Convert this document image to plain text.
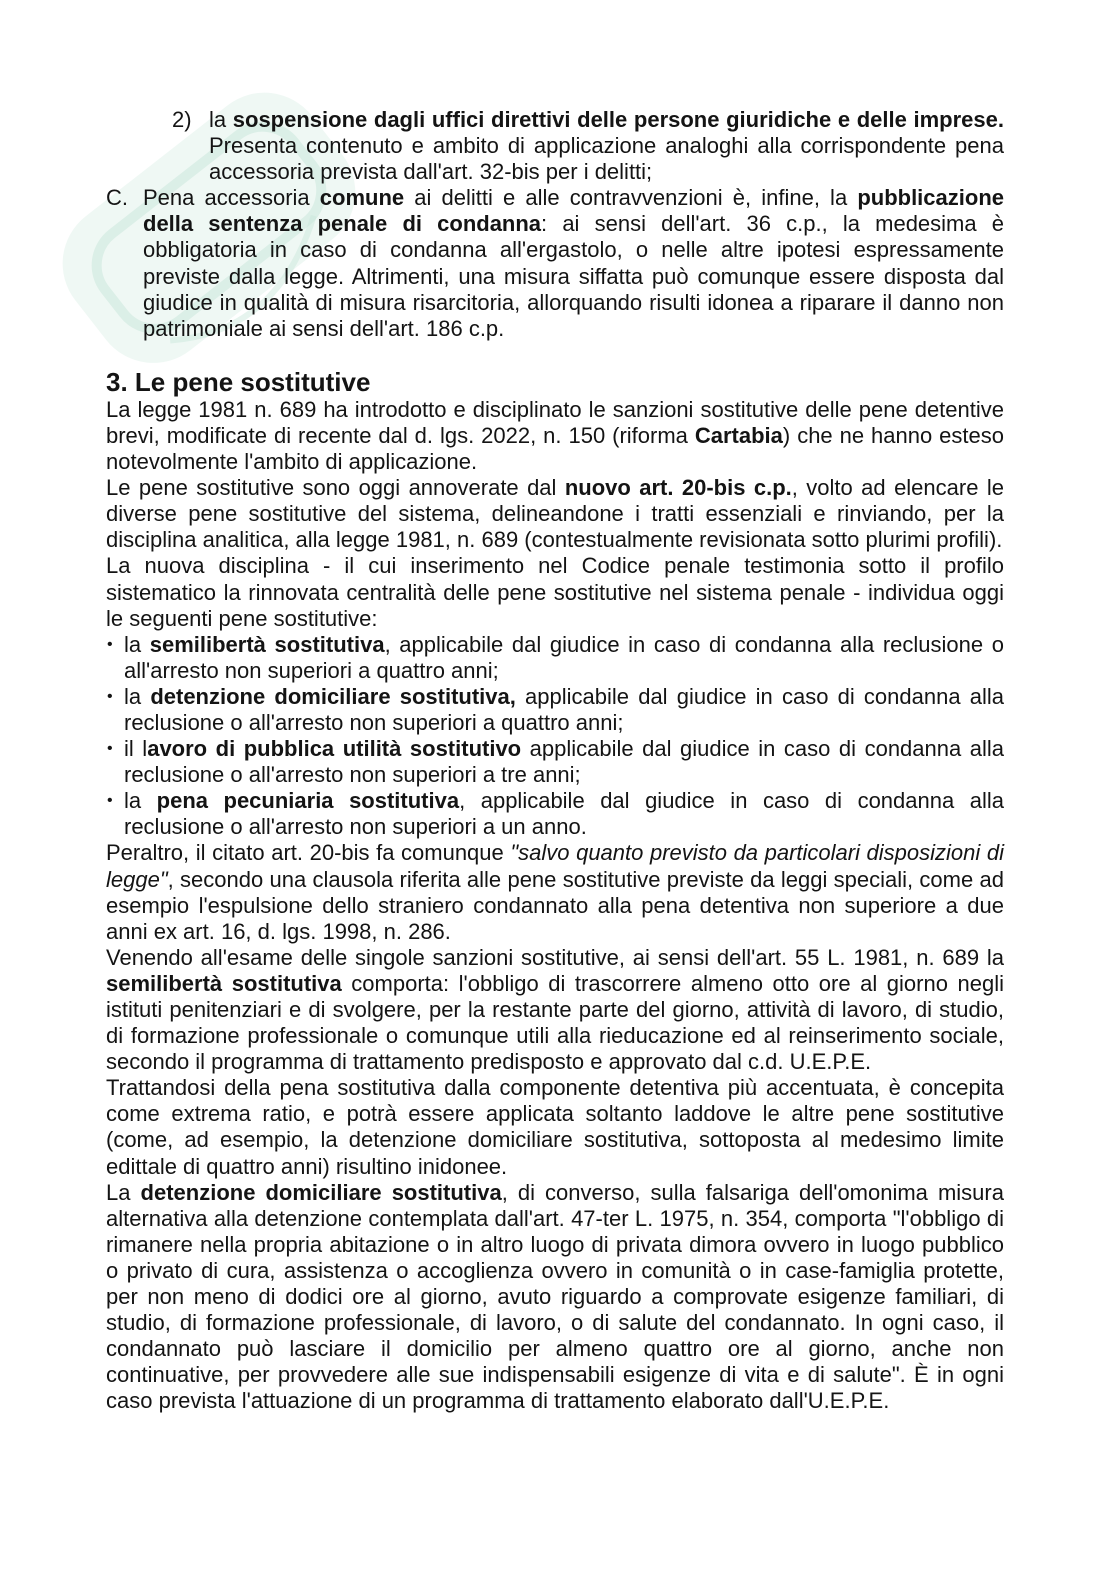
2) la sospensione dagli uffici direttivi delle persone giuridiche e delle imprese. Presenta contenuto e ambito di applicazione analoghi alla corrispondente pena accessoria prevista dall'art. 32-bis per i delitti;

C. Pena accessoria comune ai delitti e alle contravvenzioni è, infine, la pubblicazione della sentenza penale di condanna: ai sensi dell'art. 36 c.p., la medesima è obbligatoria in caso di condanna all'ergastolo, o nelle altre ipotesi espressamente previste dalla legge. Altrimenti, una misura siffatta può comunque essere disposta dal giudice in qualità di misura risarcitoria, allorquando risulti idonea a riparare il danno non patrimoniale ai sensi dell'art. 186 c.p.

3. Le pene sostitutive

La legge 1981 n. 689 ha introdotto e disciplinato le sanzioni sostitutive delle pene detentive brevi, modificate di recente dal d. lgs. 2022, n. 150 (riforma Cartabia) che ne hanno esteso notevolmente l'ambito di applicazione.

Le pene sostitutive sono oggi annoverate dal nuovo art. 20-bis c.p., volto ad elencare le diverse pene sostitutive del sistema, delineandone i tratti essenziali e rinviando, per la disciplina analitica, alla legge 1981, n. 689 (contestualmente revisionata sotto plurimi profili).

La nuova disciplina - il cui inserimento nel Codice penale testimonia sotto il profilo sistematico la rinnovata centralità delle pene sostitutive nel sistema penale - individua oggi le seguenti pene sostitutive:

• la semilibertà sostitutiva, applicabile dal giudice in caso di condanna alla reclusione o all'arresto non superiori a quattro anni;

• la detenzione domiciliare sostitutiva, applicabile dal giudice in caso di condanna alla reclusione o all'arresto non superiori a quattro anni;

• il lavoro di pubblica utilità sostitutivo applicabile dal giudice in caso di condanna alla reclusione o all'arresto non superiori a tre anni;

• la pena pecuniaria sostitutiva, applicabile dal giudice in caso di condanna alla reclusione o all'arresto non superiori a un anno.

Peraltro, il citato art. 20-bis fa comunque "salvo quanto previsto da particolari disposizioni di legge", secondo una clausola riferita alle pene sostitutive previste da leggi speciali, come ad esempio l'espulsione dello straniero condannato alla pena detentiva non superiore a due anni ex art. 16, d. lgs. 1998, n. 286.

Venendo all'esame delle singole sanzioni sostitutive, ai sensi dell'art. 55 L. 1981, n. 689 la semilibertà sostitutiva comporta: l'obbligo di trascorrere almeno otto ore al giorno negli istituti penitenziari e di svolgere, per la restante parte del giorno, attività di lavoro, di studio, di formazione professionale o comunque utili alla rieducazione ed al reinserimento sociale, secondo il programma di trattamento predisposto e approvato dal c.d. U.E.P.E.

Trattandosi della pena sostitutiva dalla componente detentiva più accentuata, è concepita come extrema ratio, e potrà essere applicata soltanto laddove le altre pene sostitutive (come, ad esempio, la detenzione domiciliare sostitutiva, sottoposta al medesimo limite edittale di quattro anni) risultino inidonee.

La detenzione domiciliare sostitutiva, di converso, sulla falsariga dell'omonima misura alternativa alla detenzione contemplata dall'art. 47-ter L. 1975, n. 354, comporta "l'obbligo di rimanere nella propria abitazione o in altro luogo di privata dimora ovvero in luogo pubblico o privato di cura, assistenza o accoglienza ovvero in comunità o in case-famiglia protette, per non meno di dodici ore al giorno, avuto riguardo a comprovate esigenze familiari, di studio, di formazione professionale, di lavoro, o di salute del condannato. In ogni caso, il condannato può lasciare il domicilio per almeno quattro ore al giorno, anche non continuative, per provvedere alle sue indispensabili esigenze di vita e di salute". È in ogni caso prevista l'attuazione di un programma di trattamento elaborato dall'U.E.P.E.
